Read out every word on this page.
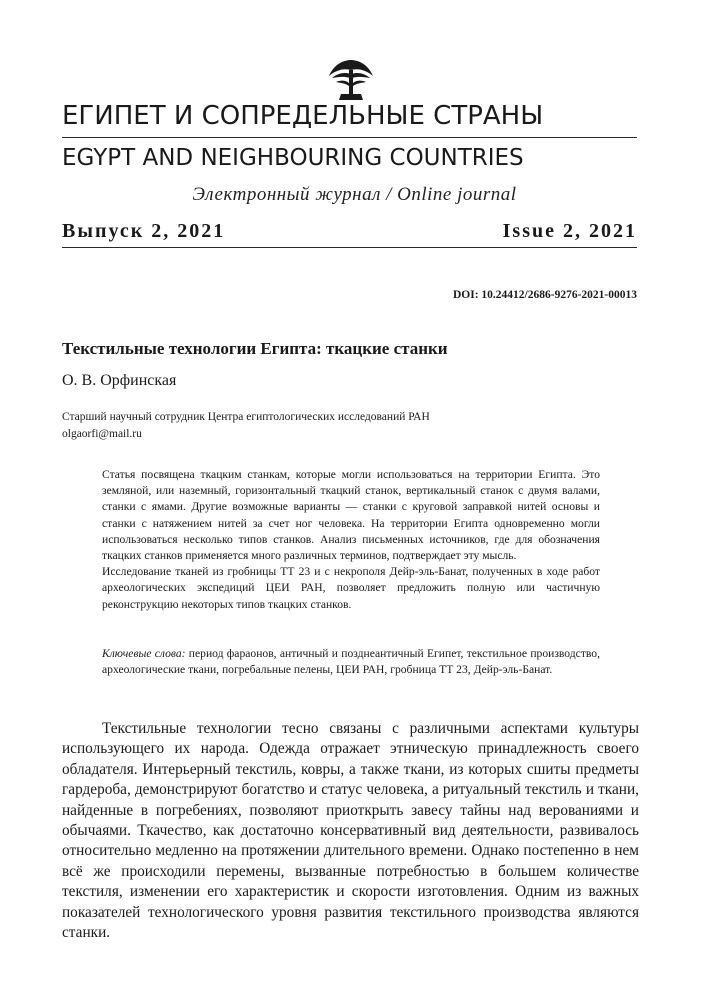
ЕГИПЕТ И СОПРЕДЕЛЬНЫЕ СТРАНЫ
EGYPT AND NEIGHBOURING COUNTRIES
Электронный журнал / Online journal
Выпуск 2, 2021	Issue 2, 2021
DOI: 10.24412/2686-9276-2021-00013
Текстильные технологии Египта: ткацкие станки
О. В. Орфинская
Старший научный сотрудник Центра египтологических исследований РАН
olgaorfi@mail.ru

Статья посвящена ткацким станкам, которые могли использоваться на территории Египта. Это земляной, или наземный, горизонтальный ткацкий станок, вертикальный станок с двумя валами, станки с ямами. Другие возможные варианты — станки с круговой заправкой нитей основы и станки с натяжением нитей за счет ног человека. На территории Египта одновременно могли использоваться несколько типов станков. Анализ письменных источников, где для обозначения ткацких станков применяется много различных терминов, подтверждает эту мысль.

Исследование тканей из гробницы ТТ 23 и с некрополя Дейр-эль-Банат, полученных в ходе работ археологических экспедиций ЦЕИ РАН, позволяет предложить полную или частичную реконструкцию некоторых типов ткацких станков.

Ключевые слова: период фараонов, античный и позднеантичный Египет, текстильное производство, археологические ткани, погребальные пелены, ЦЕИ РАН, гробница ТТ 23, Дейр-эль-Банат.

Текстильные технологии тесно связаны с различными аспектами культуры использующего их народа. Одежда отражает этническую принадлежность своего обладателя. Интерьерный текстиль, ковры, а также ткани, из которых сшиты предметы гардероба, демонстрируют богатство и статус человека, а ритуальный текстиль и ткани, найденные в погребениях, позволяют приоткрыть завесу тайны над верованиями и обычаями. Ткачество, как достаточно консервативный вид деятельности, развивалось относительно медленно на протяжении длительного времени. Однако постепенно в нем всё же происходили перемены, вызванные потребностью в большем количестве текстиля, изменении его характеристик и скорости изготовления. Одним из важных показателей технологического уровня развития текстильного производства являются станки.
